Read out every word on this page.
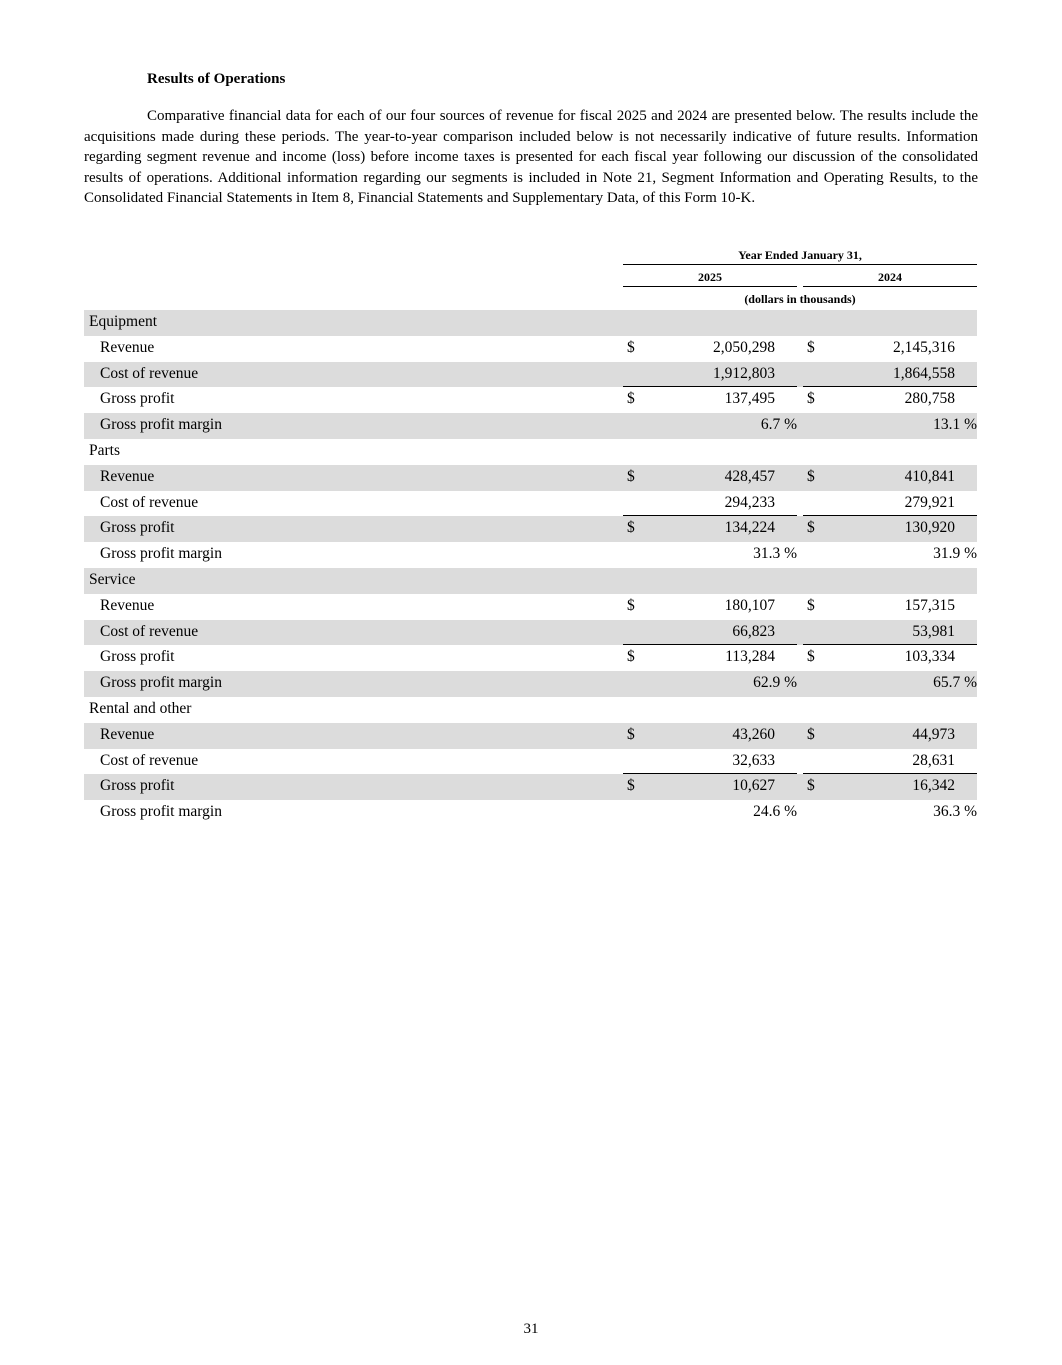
Results of Operations

Comparative financial data for each of our four sources of revenue for fiscal 2025 and 2024 are presented below. The results include the acquisitions made during these periods. The year-to-year comparison included below is not necessarily indicative of future results. Information regarding segment revenue and income (loss) before income taxes is presented for each fiscal year following our discussion of the consolidated results of operations. Additional information regarding our segments is included in Note 21, Segment Information and Operating Results, to the Consolidated Financial Statements in Item 8, Financial Statements and Supplementary Data, of this Form 10-K.

Year Ended January 31,
2025	2024
(dollars in thousands)
Equipment
Revenue	$	2,050,298 $	2,145,316
Cost of revenue	1,912,803	1,864,558
Gross profit	$	137,495 $	280,758
Gross profit margin	6.7 %	13.1 %
Parts
Revenue	$	428,457 $	410,841
Cost of revenue	294,233	279,921
Gross profit	$	134,224 $	130,920
Gross profit margin	31.3 %	31.9 %
Service
Revenue	$	180,107 $	157,315
Cost of revenue	66,823	53,981
Gross profit	$	113,284 $	103,334
Gross profit margin	62.9 %	65.7 %
Rental and other
Revenue	$	43,260 $	44,973
Cost of revenue	32,633	28,631
Gross profit	$	10,627 $	16,342
Gross profit margin	24.6 %	36.3 %
31
